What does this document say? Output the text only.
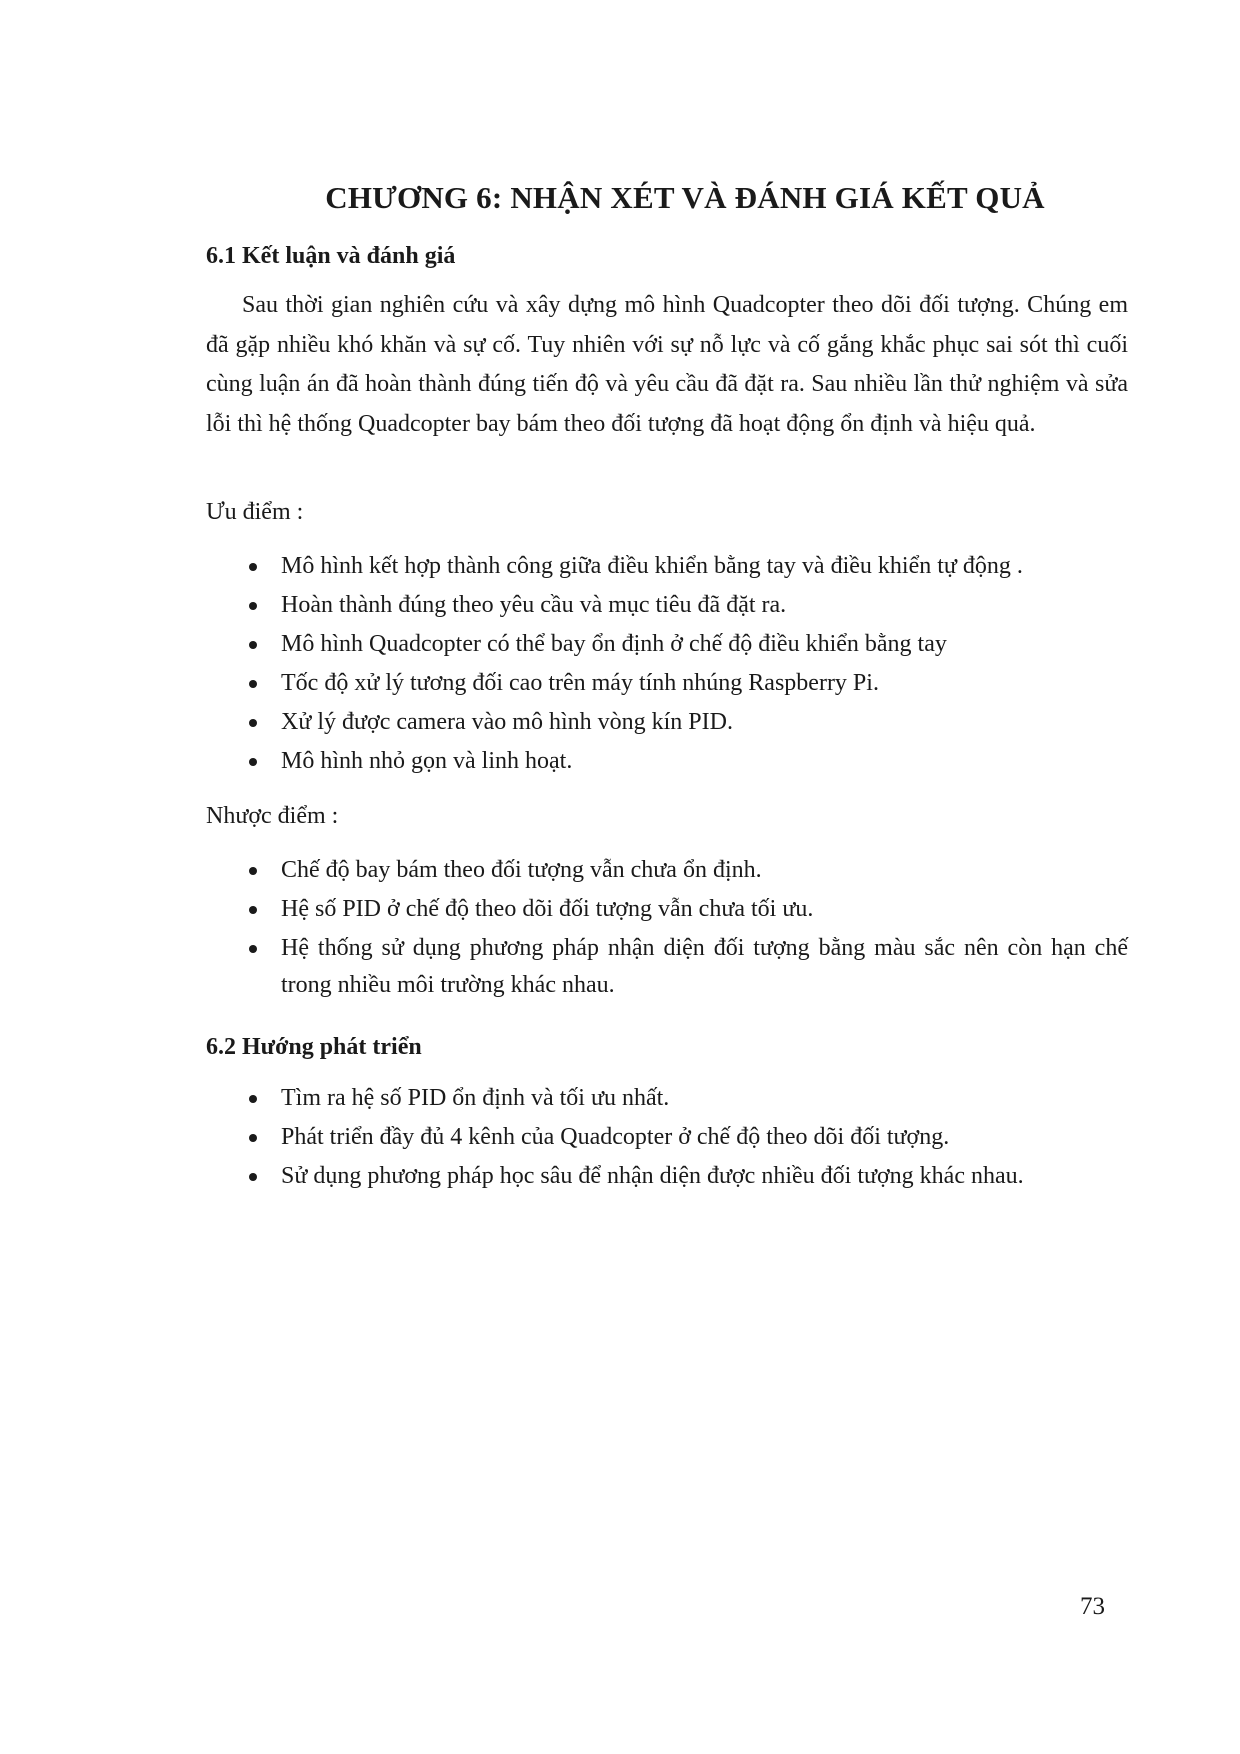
CHƯƠNG 6: NHẬN XÉT VÀ ĐÁNH GIÁ KẾT QUẢ
6.1 Kết luận và đánh giá

Sau thời gian nghiên cứu và xây dựng mô hình Quadcopter theo dõi đối tượng. Chúng em đã gặp nhiều khó khăn và sự cố. Tuy nhiên với sự nỗ lực và cố gắng khắc phục sai sót thì cuối cùng luận án đã hoàn thành đúng tiến độ và yêu cầu đã đặt ra. Sau nhiều lần thử nghiệm và sửa lỗi thì hệ thống Quadcopter bay bám theo đối tượng đã hoạt động ổn định và hiệu quả.

Ưu điểm :

Mô hình kết hợp thành công giữa điều khiển bằng tay và điều khiển tự động .
Hoàn thành đúng theo yêu cầu và mục tiêu đã đặt ra.
Mô hình Quadcopter có thể bay ổn định ở chế độ điều khiển bằng tay
Tốc độ xử lý tương đối cao trên máy tính nhúng Raspberry Pi.
Xử lý được camera vào mô hình vòng kín PID.
Mô hình nhỏ gọn và linh hoạt.

Nhược điểm :

Chế độ bay bám theo đối tượng vẫn chưa ổn định.
Hệ số PID ở chế độ theo dõi đối tượng vẫn chưa tối ưu.
Hệ thống sử dụng phương pháp nhận diện đối tượng bằng màu sắc nên còn hạn chế trong nhiều môi trường khác nhau.
6.2 Hướng phát triển
Tìm ra hệ số PID ổn định và tối ưu nhất.
Phát triển đầy đủ 4 kênh của Quadcopter ở chế độ theo dõi đối tượng.
Sử dụng phương pháp học sâu để nhận diện được nhiều đối tượng khác nhau.

73
